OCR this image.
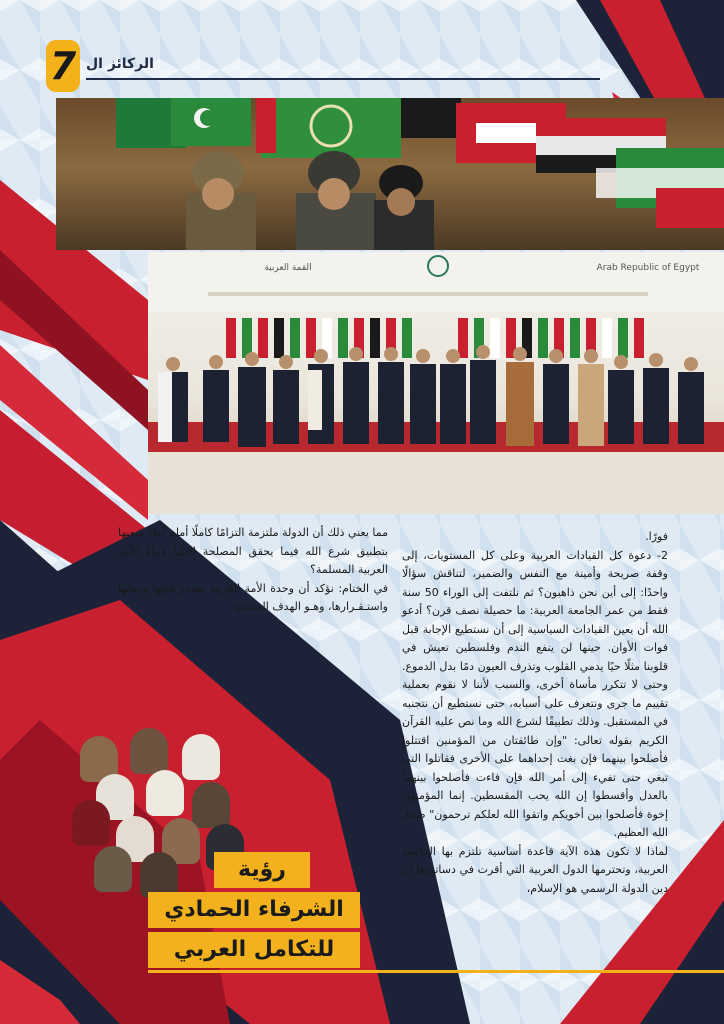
7 الركائز ال
Arab Republic of Egypt
القمة العربية

فورًا.

2- دعوة كل القيادات العربية وعلى كل المستويات، إلى وقفة صريحة وأمينة مع النفس والضمير، لتناقش سؤالًا واحدًا: إلى أين نحن ذاهبون؟ ثم نلتفت إلى الوراء 50 سنة فقط من عمر الجامعة العربية: ما حصيلة نصف قرن؟ أدعو الله أن يعين القيادات السياسية إلى أن نستطيع الإجابة قبل فوات الأوان. حينها لن ينفع الندم وفلسطين تعيش في قلوبنا مثلًا حيًا يدمي القلوب وتذرف العيون دمًا بدل الدموع. وحتى لا تتكرر مأساة أخرى، والسبب لأننا لا نقوم بعملية تقييم ما جرى ونتعرف على أسبابه، حتى نستطيع أن نتجنبه في المستقبل. وذلك تطبيقًا لشرع الله وما نص عليه القرآن الكريم بقوله تعالى: "وإن طائفتان من المؤمنين اقتتلوا فأصلحوا بينهما فإن بغت إحداهما على الأخرى فقاتلوا التي تبغي حتى تفيء إلى أمر الله فإن فاءت فأصلحوا بينهما بالعدل وأقسطوا إن الله يحب المقسطين. إنما المؤمنون إخوة فأصلحوا بين أخويكم واتقوا الله لعلكم ترحمون" صدق الله العظيم.

لماذا لا تكون هذه الآية قاعدة أساسية تلتزم بها الجامعة العربية، وتحترمها الدول العربية التي أقرت في دساتيرها أن دين الدولة الرسمي هو الإسلام،

مما يعني ذلك أن الدولة ملتزمة التزامًا كاملًا أمام أبناء شعبها بتطبيق شرع الله فيما يحقق المصلحة العليا لأبناء الأمة العربية المسلمة؟

في الختام: نؤكد أن وحدة الأمة العربية مصدر قوتها ونمائها واستـقـرارها، وهـو الهدف المنشود.

رؤية
الشرفاء الحمادي
للتكامل العربي
